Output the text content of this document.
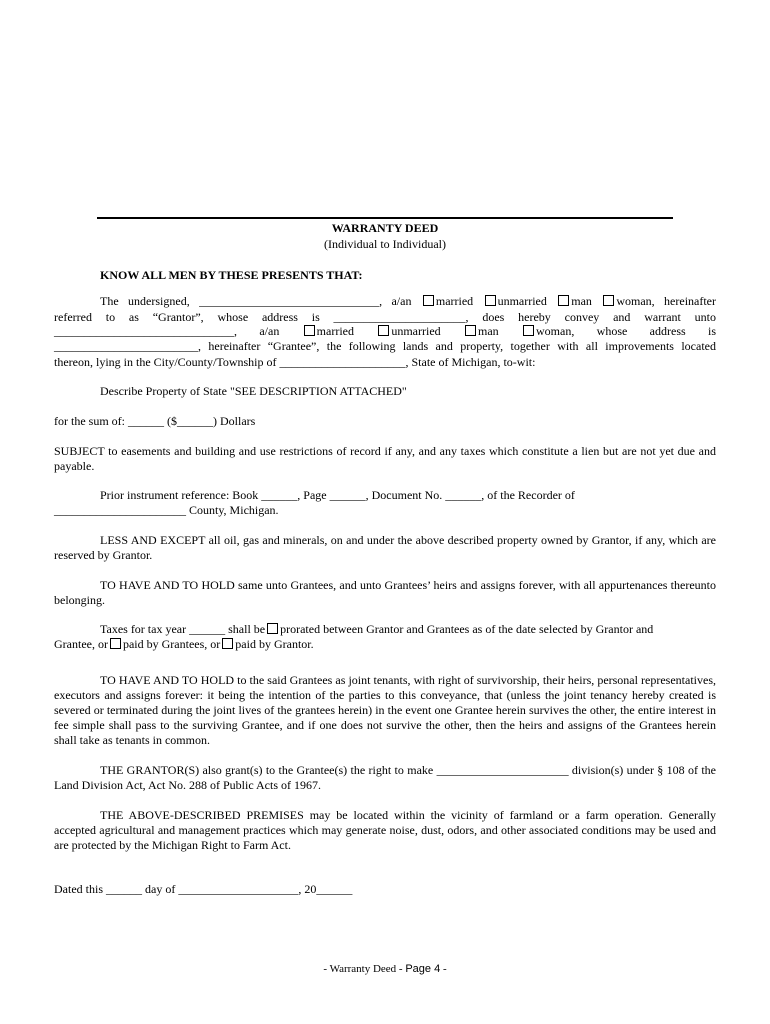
WARRANTY DEED
(Individual to Individual)
KNOW ALL MEN BY THESE PRESENTS THAT:
The undersigned, ______________________________, a/an married unmarried man woman, hereinafter
referred to as “Grantor”, whose address is ______________________, does hereby convey and warrant unto
______________________________, a/an	married	unmarried	man	woman, whose address is
________________________, hereinafter “Grantee”, the following lands and property, together with all improvements located
thereon, lying in the City/County/Township of _____________________, State of Michigan, to-wit:
Describe Property of State "SEE DESCRIPTION ATTACHED"
for the sum of: ______ ($______) Dollars
SUBJECT to easements and building and use restrictions of record if any, and any taxes which constitute a lien but are not yet due and payable.
Prior instrument reference: Book ______, Page ______, Document No. ______, of the Recorder of
______________________ County, Michigan.
LESS AND EXCEPT all oil, gas and minerals, on and under the above described property owned by Grantor, if any, which are reserved by Grantor.
TO HAVE AND TO HOLD same unto Grantees, and unto Grantees’ heirs and assigns forever, with all appurtenances thereunto belonging.
Taxes for tax year ______ shall be prorated between Grantor and Grantees as of the date selected by Grantor and
Grantee, or paid by Grantees, or paid by Grantor.
TO HAVE AND TO HOLD to the said Grantees as joint tenants, with right of survivorship, their heirs, personal representatives, executors and assigns forever: it being the intention of the parties to this conveyance, that (unless the joint tenancy hereby created is severed or terminated during the joint lives of the grantees herein) in the event one Grantee herein survives the other, the entire interest in fee simple shall pass to the surviving Grantee, and if one does not survive the other, then the heirs and assigns of the Grantees herein shall take as tenants in common.
THE GRANTOR(S) also grant(s) to the Grantee(s) the right to make ______________________ division(s) under § 108 of the Land Division Act, Act No. 288 of Public Acts of 1967.
THE ABOVE-DESCRIBED PREMISES may be located within the vicinity of farmland or a farm operation. Generally accepted agricultural and management practices which may generate noise, dust, odors, and other associated conditions may be used and are protected by the Michigan Right to Farm Act.
Dated this ______ day of ____________________, 20______
- Warranty Deed - Page 4 -
